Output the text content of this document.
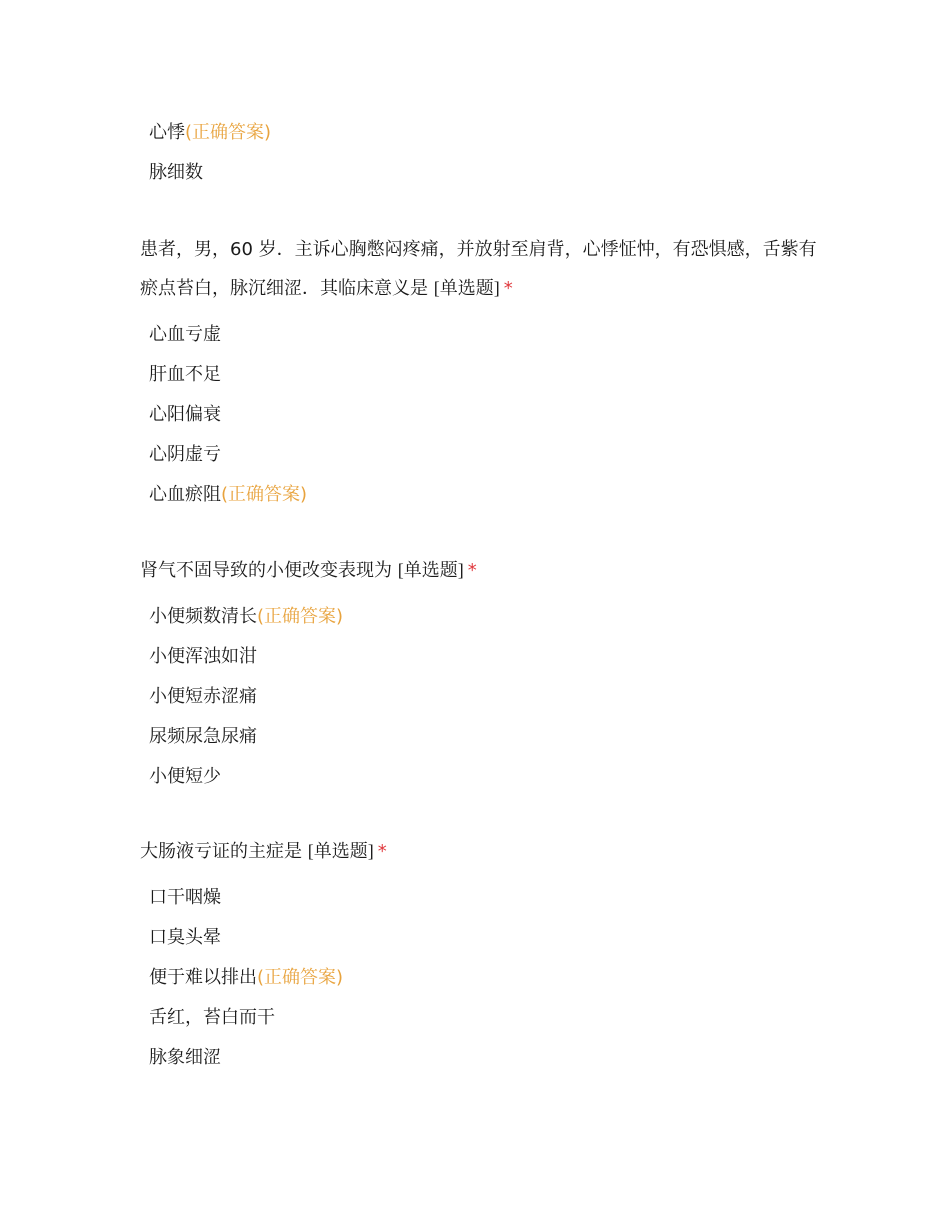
心悸(正确答案)
脉细数

患者，男，60 岁．主诉心胸憋闷疼痛，并放射至肩背，心悸怔忡，有恐惧感，舌紫有瘀点苔白，脉沉细涩．其临床意义是 [单选题] *

心血亏虚
肝血不足
心阳偏衰
心阴虚亏
心血瘀阻(正确答案)

肾气不固导致的小便改变表现为 [单选题] *

小便频数清长(正确答案)
小便浑浊如泔
小便短赤涩痛
尿频尿急尿痛
小便短少

大肠液亏证的主症是 [单选题] *

口干咽燥
口臭头晕
便于难以排出(正确答案)
舌红，苔白而干
脉象细涩
